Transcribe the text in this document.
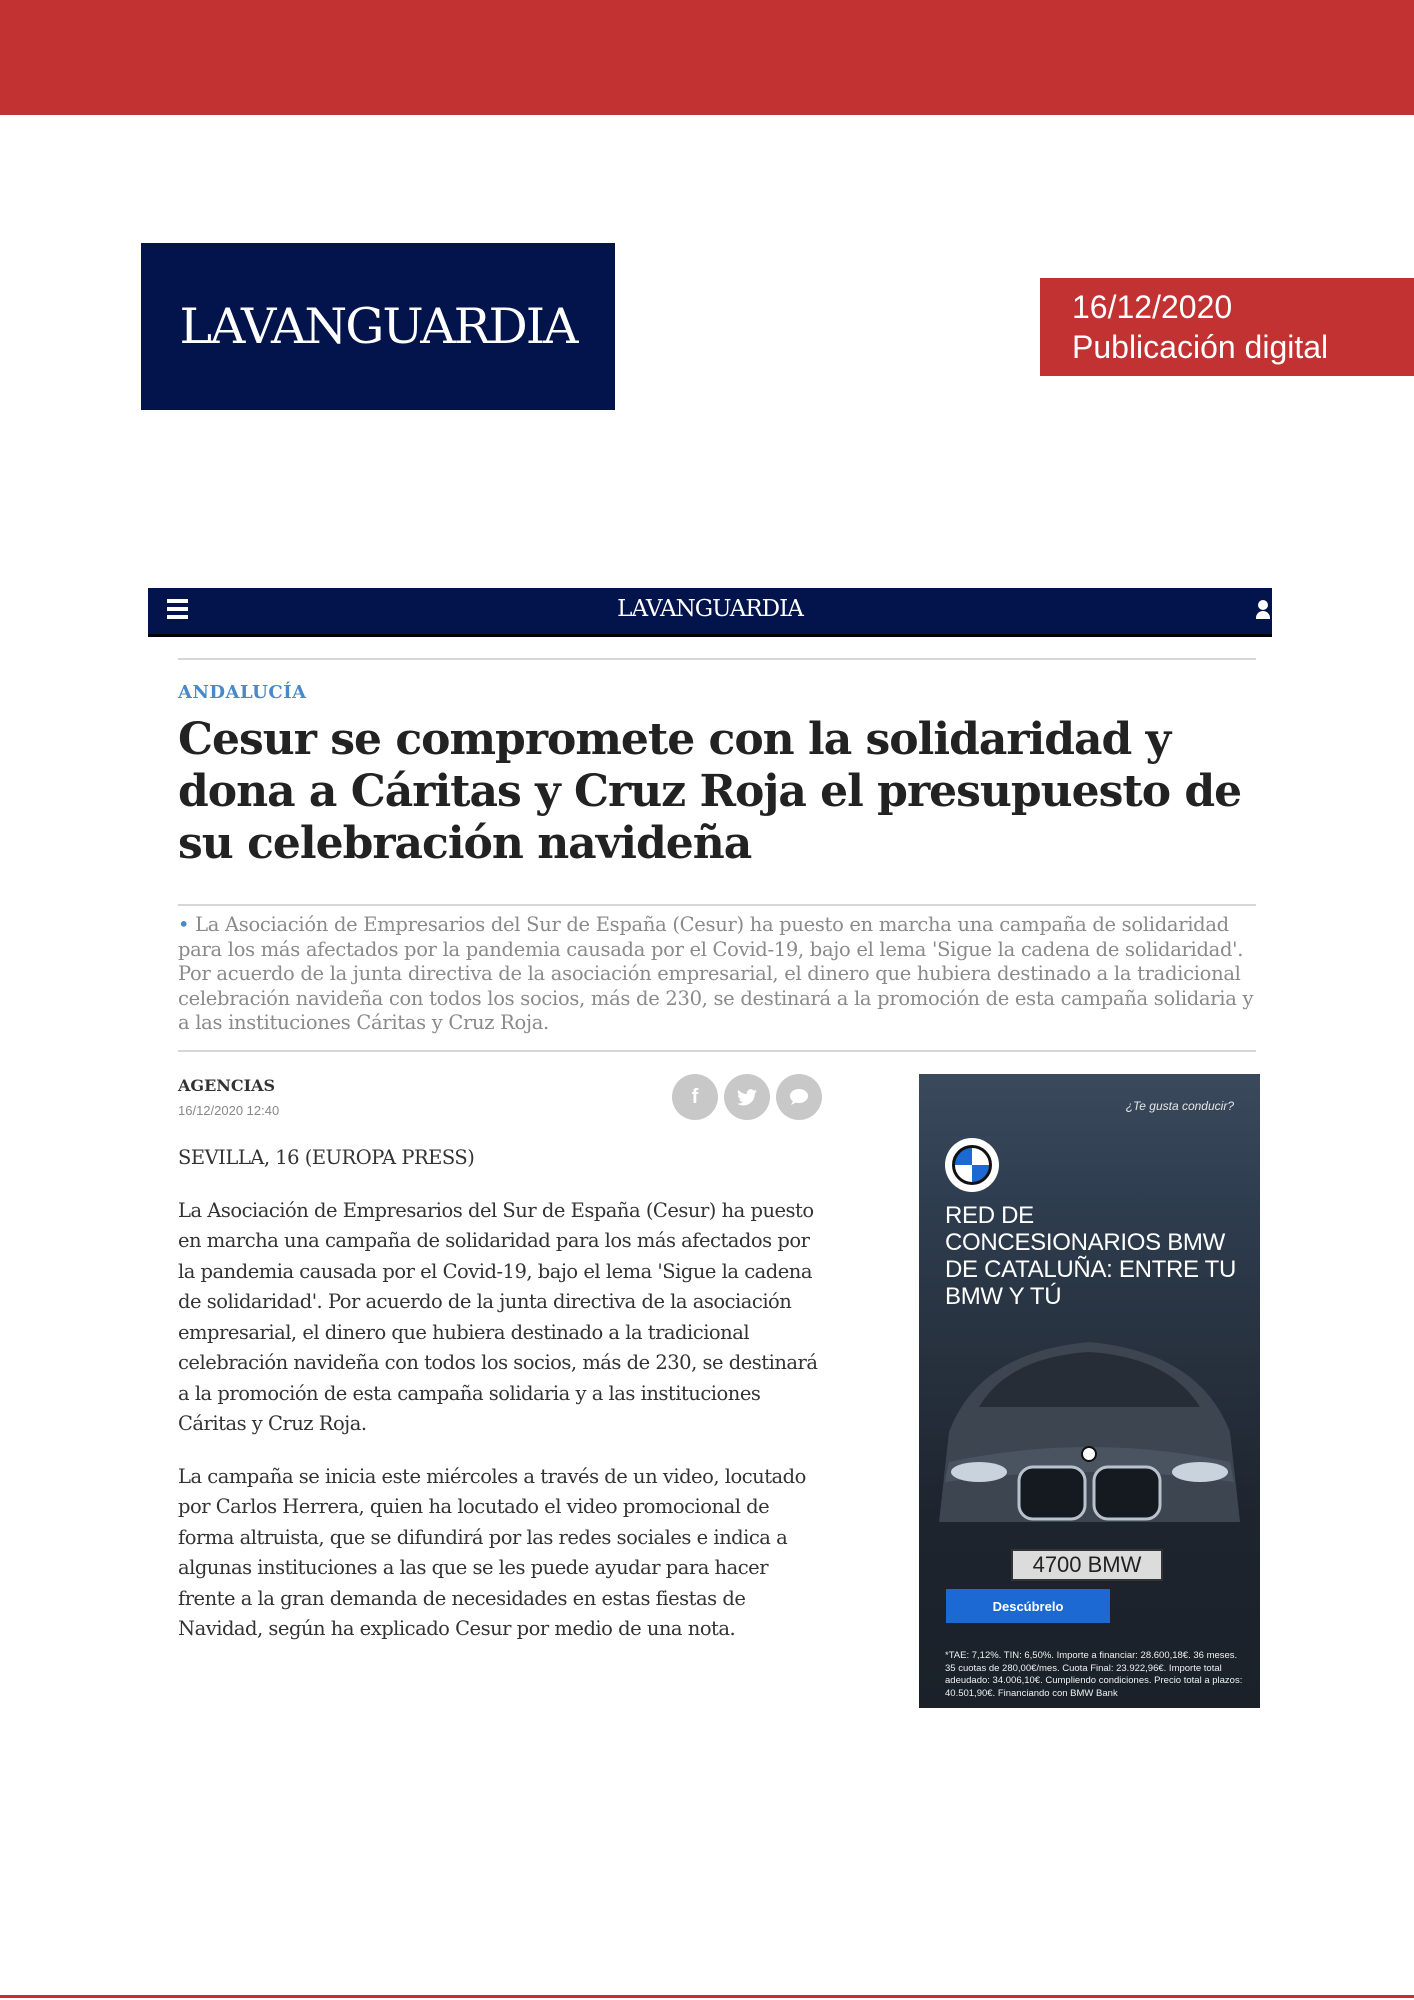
LAVANGUARDIA	16/12/2020
Publicación digital
LAVANGUARDIA
ANDALUCÍA
Cesur se compromete con la solidaridad y dona a Cáritas y Cruz Roja el presupuesto de su celebración navideña

• La Asociación de Empresarios del Sur de España (Cesur) ha puesto en marcha una campaña de solidaridad para los más afectados por la pandemia causada por el Covid-19, bajo el lema 'Sigue la cadena de solidaridad'. Por acuerdo de la junta directiva de la asociación empresarial, el dinero que hubiera destinado a la tradicional celebración navideña con todos los socios, más de 230, se destinará a la promoción de esta campaña solidaria y a las instituciones Cáritas y Cruz Roja.

AGENCIAS
16/12/2020 12:40
f

SEVILLA, 16 (EUROPA PRESS)

La Asociación de Empresarios del Sur de España (Cesur) ha puesto en marcha una campaña de solidaridad para los más afectados por la pandemia causada por el Covid-19, bajo el lema 'Sigue la cadena de solidaridad'. Por acuerdo de la junta directiva de la asociación empresarial, el dinero que hubiera destinado a la tradicional celebración navideña con todos los socios, más de 230, se destinará a la promoción de esta campaña solidaria y a las instituciones Cáritas y Cruz Roja.

La campaña se inicia este miércoles a través de un video, locutado por Carlos Herrera, quien ha locutado el video promocional de forma altruista, que se difundirá por las redes sociales e indica a algunas instituciones a las que se les puede ayudar para hacer frente a la gran demanda de necesidades en estas fiestas de Navidad, según ha explicado Cesur por medio de una nota.

¿Te gusta conducir?
RED DE CONCESIONARIOS BMW DE CATALUÑA: ENTRE TU BMW Y TÚ
4700 BMW
Descúbrelo
*TAE: 7,12%. TIN: 6,50%. Importe a financiar: 28.600,18€. 36 meses. 35 cuotas de 280,00€/mes. Cuota Final: 23.922,96€. Importe total adeudado: 34.006,10€. Cumpliendo condiciones. Precio total a plazos: 40.501,90€. Financiando con BMW Bank
